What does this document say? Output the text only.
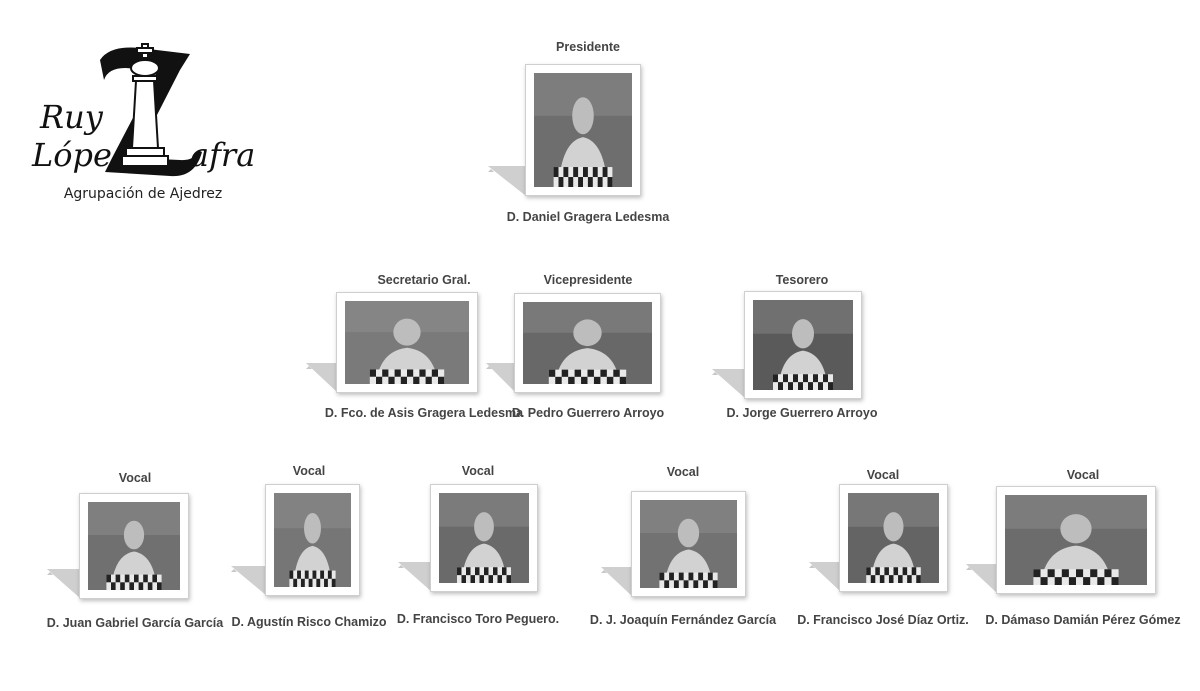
Ruy
Lópe afra
Agrupación de Ajedrez
Presidente
D. Daniel Gragera Ledesma
Secretario Gral.
D. Fco. de Asis Gragera Ledesma
Vicepresidente
D. Pedro Guerrero Arroyo
Tesorero
D. Jorge Guerrero Arroyo
Vocal
D. Juan Gabriel García García
Vocal
D. Agustín Risco Chamizo
Vocal
D. Francisco Toro Peguero.
Vocal
D. J. Joaquín Fernández García
Vocal
D. Francisco José Díaz Ortiz.
Vocal
D. Dámaso Damián Pérez Gómez
